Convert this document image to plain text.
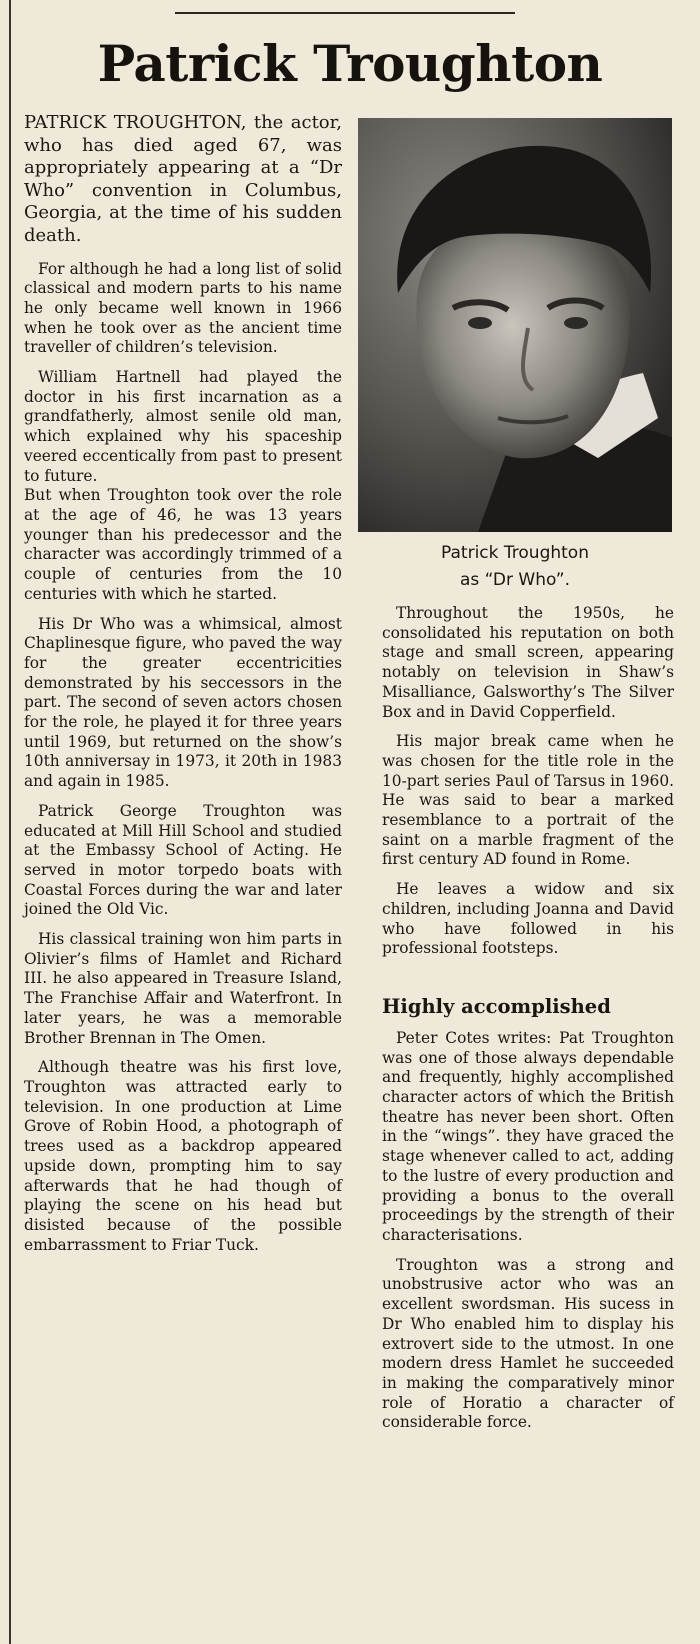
Patrick Troughton

PATRICK TROUGHTON, the actor, who has died aged 67, was appropriately appearing at a “Dr Who” convention in Columbus, Georgia, at the time of his sudden death.

For although he had a long list of solid classical and modern parts to his name he only became well known in 1966 when he took over as the ancient time traveller of children’s television.

William Hartnell had played the doctor in his first incarnation as a grandfatherly, almost senile old man, which explained why his spaceship veered eccentically from past to present to future.

But when Troughton took over the role at the age of 46, he was 13 years younger than his predecessor and the character was accordingly trimmed of a couple of centuries from the 10 centuries with which he started.

His Dr Who was a whimsical, almost Chaplinesque figure, who paved the way for the greater eccentricities demonstrated by his seccessors in the part. The second of seven actors chosen for the role, he played it for three years until 1969, but returned on the show’s 10th anniversay in 1973, it 20th in 1983 and again in 1985.

Patrick George Troughton was educated at Mill Hill School and studied at the Embassy School of Acting. He served in motor torpedo boats with Coastal Forces during the war and later joined the Old Vic.

His classical training won him parts in Olivier’s films of Hamlet and Richard III. he also appeared in Treasure Island, The Franchise Affair and Waterfront. In later years, he was a memorable Brother Brennan in The Omen.

Although theatre was his first love, Troughton was attracted early to television. In one production at Lime Grove of Robin Hood, a photograph of trees used as a backdrop appeared upside down, prompting him to say afterwards that he had though of playing the scene on his head but disisted because of the possible embarrassment to Friar Tuck.

Patrick Troughton
as “Dr Who”.

Throughout the 1950s, he consolidated his reputation on both stage and small screen, appearing notably on television in Shaw’s Misalliance, Galsworthy’s The Silver Box and in David Copperfield.

His major break came when he was chosen for the title role in the 10-part series Paul of Tarsus in 1960. He was said to bear a marked resemblance to a portrait of the saint on a marble fragment of the first century AD found in Rome.

He leaves a widow and six children, including Joanna and David who have followed in his professional footsteps.

Highly accomplished

Peter Cotes writes: Pat Troughton was one of those always dependable and frequently, highly accomplished character actors of which the British theatre has never been short. Often in the “wings”. they have graced the stage whenever called to act, adding to the lustre of every production and providing a bonus to the overall proceedings by the strength of their characterisations.

Troughton was a strong and unobstrusive actor who was an excellent swordsman. His sucess in Dr Who enabled him to display his extrovert side to the utmost. In one modern dress Hamlet he succeeded in making the comparatively minor role of Horatio a character of considerable force.
